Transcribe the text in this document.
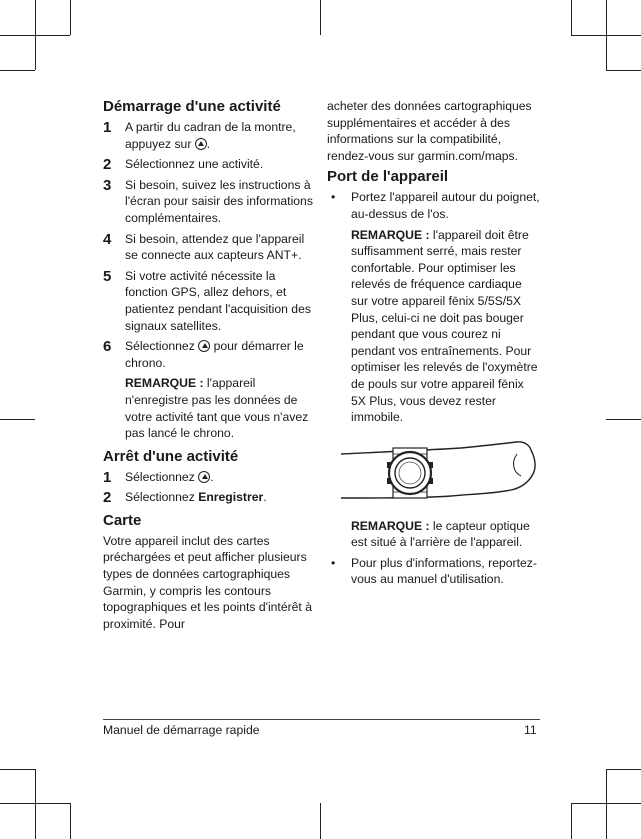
Démarrage d'une activité
1 A partir du cadran de la montre, appuyez sur .
2 Sélectionnez une activité.
3 Si besoin, suivez les instructions à l'écran pour saisir des informations complémentaires.
4 Si besoin, attendez que l'appareil se connecte aux capteurs ANT+.
5 Si votre activité nécessite la fonction GPS, allez dehors, et patientez pendant l'acquisition des signaux satellites.
6 Sélectionnez  pour démarrer le chrono.
REMARQUE : l'appareil n'enregistre pas les données de votre activité tant que vous n'avez pas lancé le chrono.
Arrêt d'une activité
1 Sélectionnez .
2 Sélectionnez Enregistrer.
Carte

Votre appareil inclut des cartes préchargées et peut afficher plusieurs types de données cartographiques Garmin, y compris les contours topographiques et les points d'intérêt à proximité. Pour

acheter des données cartographiques supplémentaires et accéder à des informations sur la compatibilité, rendez-vous sur garmin.com/maps.

Port de l'appareil
• Portez l'appareil autour du poignet, au-dessus de l'os.
REMARQUE : l'appareil doit être suffisamment serré, mais rester confortable. Pour optimiser les relevés de fréquence cardiaque sur votre appareil fēnix 5/5S/5X Plus, celui-ci ne doit pas bouger pendant que vous courez ni pendant vos entraînements. Pour optimiser les relevés de l'oxymètre de pouls sur votre appareil fēnix 5X Plus, vous devez rester immobile.
REMARQUE : le capteur optique est situé à l'arrière de l'appareil.
• Pour plus d'informations, reportez-vous au manuel d'utilisation.
Manuel de démarrage rapide	11
